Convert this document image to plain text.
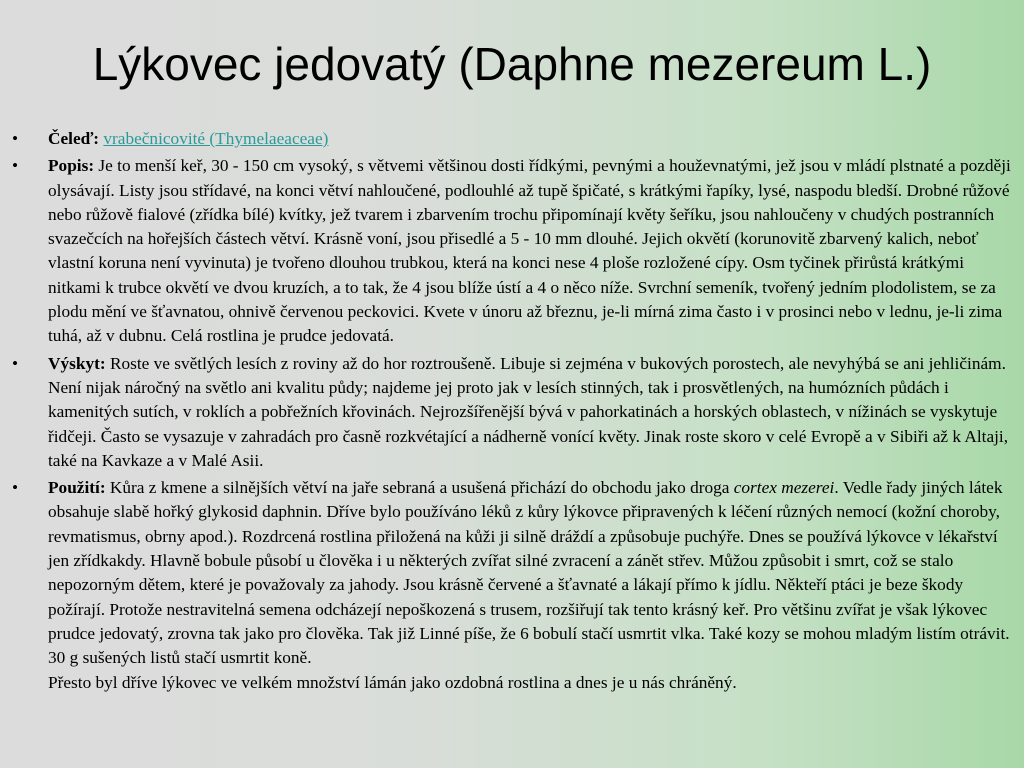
Lýkovec jedovatý (Daphne mezereum L.)
• Čeleď: vrabečnicovité (Thymelaeaceae)
• Popis: Je to menší keř, 30 - 150 cm vysoký, s větvemi většinou dosti řídkými, pevnými a houževnatými, jež jsou v mládí plstnaté a později olysávají. Listy jsou střídavé, na konci větví nahloučené, podlouhlé až tupě špičaté, s krátkými řapíky, lysé, naspodu bledší. Drobné růžové nebo růžově fialové (zřídka bílé) kvítky, jež tvarem i zbarvením trochu připomínají květy šeříku, jsou nahloučeny v chudých postranních svazečcích na hořejších částech větví. Krásně voní, jsou přisedlé a 5 - 10 mm dlouhé. Jejich okvětí (korunovitě zbarvený kalich, neboť vlastní koruna není vyvinuta) je tvořeno dlouhou trubkou, která na konci nese 4 ploše rozložené cípy. Osm tyčinek přirůstá krátkými nitkami k trubce okvětí ve dvou kruzích, a to tak, že 4 jsou blíže ústí a 4 o něco níže. Svrchní semeník, tvořený jedním plodolistem, se za plodu mění ve šťavnatou, ohnivě červenou peckovici. Kvete v únoru až březnu, je-li mírná zima často i v prosinci nebo v lednu, je-li zima tuhá, až v dubnu. Celá rostlina je prudce jedovatá.
• Výskyt: Roste ve světlých lesích z roviny až do hor roztroušeně. Libuje si zejména v bukových porostech, ale nevyhýbá se ani jehličinám. Není nijak náročný na světlo ani kvalitu půdy; najdeme jej proto jak v lesích stinných, tak i prosvětlených, na humózních půdách i kamenitých sutích, v roklích a pobřežních křovinách. Nejrozšířenější bývá v pahorkatinách a horských oblastech, v nížinách se vyskytuje řidčeji. Často se vysazuje v zahradách pro časně rozkvétající a nádherně vonící květy. Jinak roste skoro v celé Evropě a v Sibiři až k Altaji, také na Kavkaze a v Malé Asii.
• Použití: Kůra z kmene a silnějších větví na jaře sebraná a usušená přichází do obchodu jako droga cortex mezerei. Vedle řady jiných látek obsahuje slabě hořký glykosid daphnin. Dříve bylo používáno léků z kůry lýkovce připravených k léčení různých nemocí (kožní choroby, revmatismus, obrny apod.). Rozdrcená rostlina přiložená na kůži ji silně dráždí a způsobuje puchýře. Dnes se používá lýkovce v lékařství jen zřídkakdy. Hlavně bobule působí u člověka i u některých zvířat silné zvracení a zánět střev. Můžou způsobit i smrt, což se stalo nepozorným dětem, které je považovaly za jahody. Jsou krásně červené a šťavnaté a lákají přímo k jídlu. Někteří ptáci je beze škody požírají. Protože nestravitelná semena odcházejí nepoškozená s trusem, rozšiřují tak tento krásný keř. Pro většinu zvířat je však lýkovec prudce jedovatý, zrovna tak jako pro člověka. Tak již Linné píše, že 6 bobulí stačí usmrtit vlka. Také kozy se mohou mladým listím otrávit. 30 g sušených listů stačí usmrtit koně.
Přesto byl dříve lýkovec ve velkém množství lámán jako ozdobná rostlina a dnes je u nás chráněný.
